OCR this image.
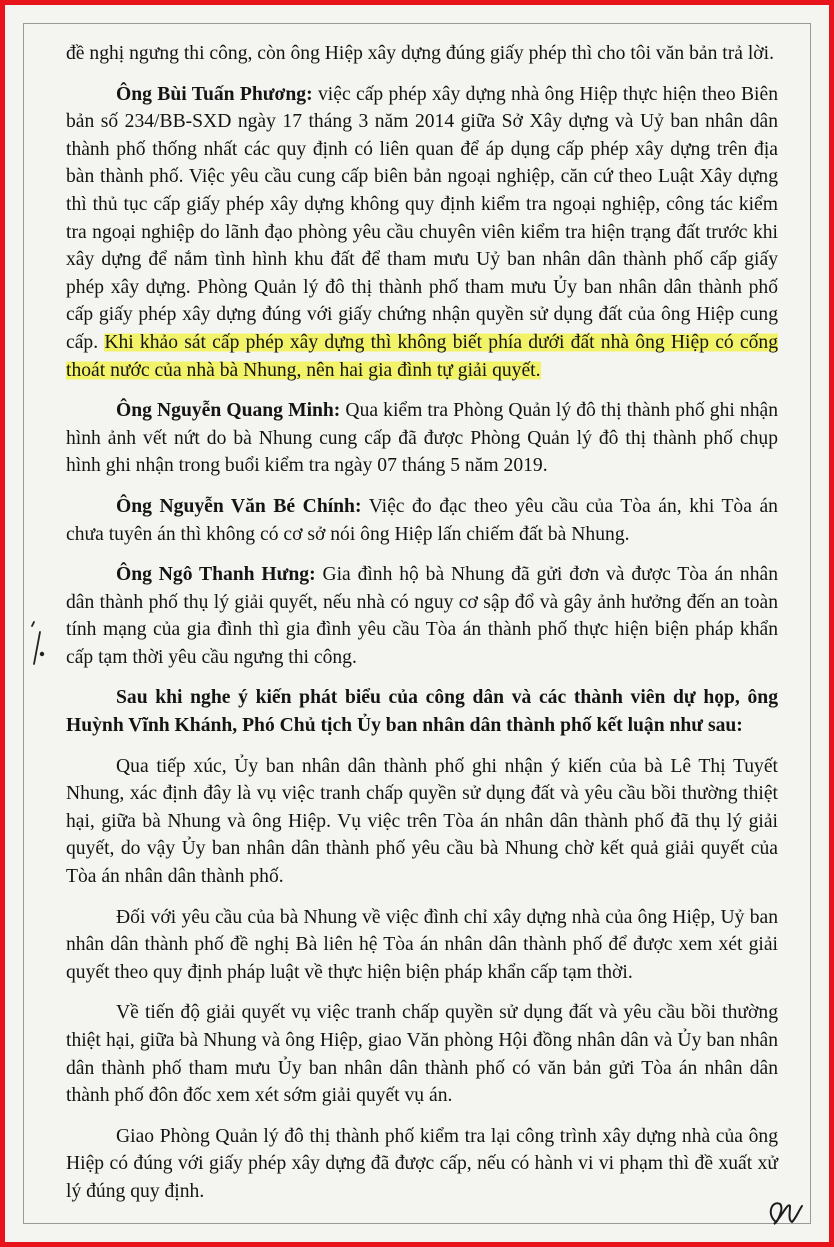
đề nghị ngưng thi công, còn ông Hiệp xây dựng đúng giấy phép thì cho tôi văn bản trả lời.

Ông Bùi Tuấn Phương: việc cấp phép xây dựng nhà ông Hiệp thực hiện theo Biên bản số 234/BB-SXD ngày 17 tháng 3 năm 2014 giữa Sở Xây dựng và Uỷ ban nhân dân thành phố thống nhất các quy định có liên quan để áp dụng cấp phép xây dựng trên địa bàn thành phố. Việc yêu cầu cung cấp biên bản ngoại nghiệp, căn cứ theo Luật Xây dựng thì thủ tục cấp giấy phép xây dựng không quy định kiểm tra ngoại nghiệp, công tác kiểm tra ngoại nghiệp do lãnh đạo phòng yêu cầu chuyên viên kiểm tra hiện trạng đất trước khi xây dựng để nắm tình hình khu đất để tham mưu Uỷ ban nhân dân thành phố cấp giấy phép xây dựng. Phòng Quản lý đô thị thành phố tham mưu Ủy ban nhân dân thành phố cấp giấy phép xây dựng đúng với giấy chứng nhận quyền sử dụng đất của ông Hiệp cung cấp. Khi khảo sát cấp phép xây dựng thì không biết phía dưới đất nhà ông Hiệp có cống thoát nước của nhà bà Nhung, nên hai gia đình tự giải quyết.

Ông Nguyễn Quang Minh: Qua kiểm tra Phòng Quản lý đô thị thành phố ghi nhận hình ảnh vết nứt do bà Nhung cung cấp đã được Phòng Quản lý đô thị thành phố chụp hình ghi nhận trong buổi kiểm tra ngày 07 tháng 5 năm 2019.

Ông Nguyễn Văn Bé Chính: Việc đo đạc theo yêu cầu của Tòa án, khi Tòa án chưa tuyên án thì không có cơ sở nói ông Hiệp lấn chiếm đất bà Nhung.

Ông Ngô Thanh Hưng: Gia đình hộ bà Nhung đã gửi đơn và được Tòa án nhân dân thành phố thụ lý giải quyết, nếu nhà có nguy cơ sập đổ và gây ảnh hưởng đến an toàn tính mạng của gia đình thì gia đình yêu cầu Tòa án thành phố thực hiện biện pháp khẩn cấp tạm thời yêu cầu ngưng thi công.

Sau khi nghe ý kiến phát biểu của công dân và các thành viên dự họp, ông Huỳnh Vĩnh Khánh, Phó Chủ tịch Ủy ban nhân dân thành phố kết luận như sau:

Qua tiếp xúc, Ủy ban nhân dân thành phố ghi nhận ý kiến của bà Lê Thị Tuyết Nhung, xác định đây là vụ việc tranh chấp quyền sử dụng đất và yêu cầu bồi thường thiệt hại, giữa bà Nhung và ông Hiệp. Vụ việc trên Tòa án nhân dân thành phố đã thụ lý giải quyết, do vậy Ủy ban nhân dân thành phố yêu cầu bà Nhung chờ kết quả giải quyết của Tòa án nhân dân thành phố.

Đối với yêu cầu của bà Nhung về việc đình chỉ xây dựng nhà của ông Hiệp, Uỷ ban nhân dân thành phố đề nghị Bà liên hệ Tòa án nhân dân thành phố để được xem xét giải quyết theo quy định pháp luật về thực hiện biện pháp khẩn cấp tạm thời.

Về tiến độ giải quyết vụ việc tranh chấp quyền sử dụng đất và yêu cầu bồi thường thiệt hại, giữa bà Nhung và ông Hiệp, giao Văn phòng Hội đồng nhân dân và Ủy ban nhân dân thành phố tham mưu Ủy ban nhân dân thành phố có văn bản gửi Tòa án nhân dân thành phố đôn đốc xem xét sớm giải quyết vụ án.

Giao Phòng Quản lý đô thị thành phố kiểm tra lại công trình xây dựng nhà của ông Hiệp có đúng với giấy phép xây dựng đã được cấp, nếu có hành vi vi phạm thì đề xuất xử lý đúng quy định.
